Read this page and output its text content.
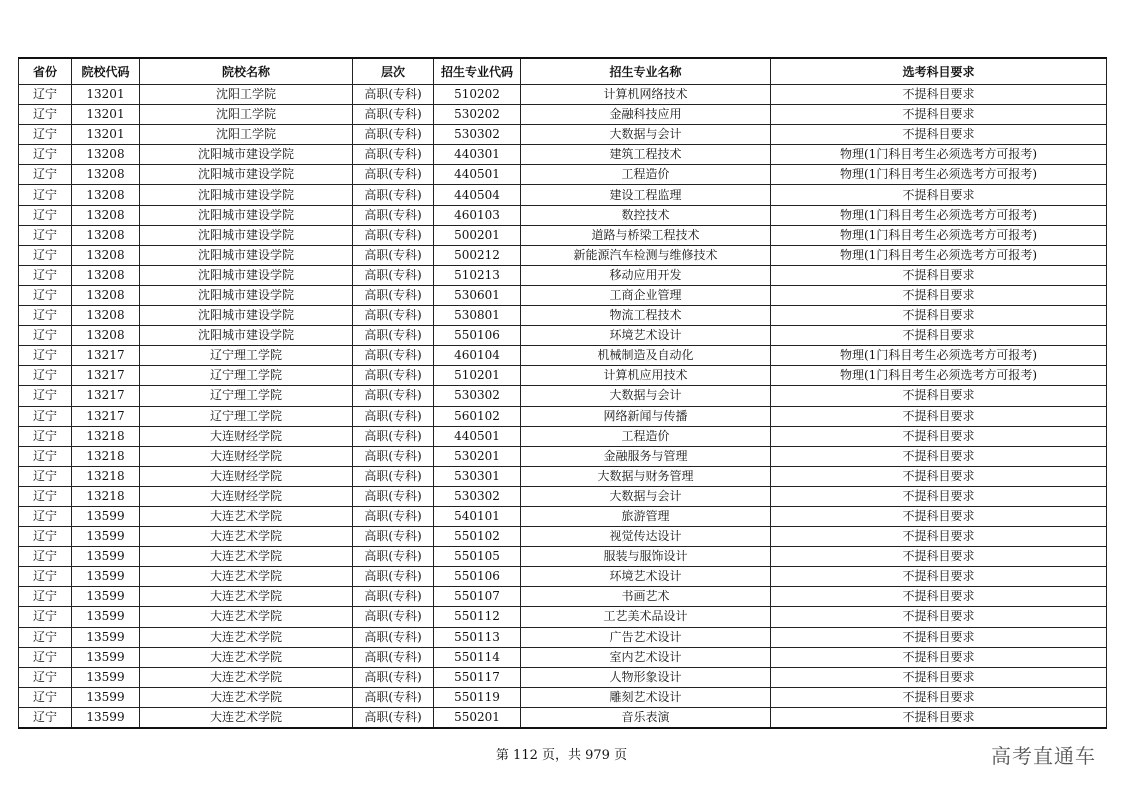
省份	院校代码	院校名称	层次	招生专业代码	招生专业名称	选考科目要求
辽宁	13201	沈阳工学院	高职(专科)	510202	计算机网络技术	不提科目要求
辽宁	13201	沈阳工学院	高职(专科)	530202	金融科技应用	不提科目要求
辽宁	13201	沈阳工学院	高职(专科)	530302	大数据与会计	不提科目要求
辽宁	13208	沈阳城市建设学院	高职(专科)	440301	建筑工程技术	物理(1门科目考生必须选考方可报考)
辽宁	13208	沈阳城市建设学院	高职(专科)	440501	工程造价	物理(1门科目考生必须选考方可报考)
辽宁	13208	沈阳城市建设学院	高职(专科)	440504	建设工程监理	不提科目要求
辽宁	13208	沈阳城市建设学院	高职(专科)	460103	数控技术	物理(1门科目考生必须选考方可报考)
辽宁	13208	沈阳城市建设学院	高职(专科)	500201	道路与桥梁工程技术	物理(1门科目考生必须选考方可报考)
辽宁	13208	沈阳城市建设学院	高职(专科)	500212	新能源汽车检测与维修技术	物理(1门科目考生必须选考方可报考)
辽宁	13208	沈阳城市建设学院	高职(专科)	510213	移动应用开发	不提科目要求
辽宁	13208	沈阳城市建设学院	高职(专科)	530601	工商企业管理	不提科目要求
辽宁	13208	沈阳城市建设学院	高职(专科)	530801	物流工程技术	不提科目要求
辽宁	13208	沈阳城市建设学院	高职(专科)	550106	环境艺术设计	不提科目要求
辽宁	13217	辽宁理工学院	高职(专科)	460104	机械制造及自动化	物理(1门科目考生必须选考方可报考)
辽宁	13217	辽宁理工学院	高职(专科)	510201	计算机应用技术	物理(1门科目考生必须选考方可报考)
辽宁	13217	辽宁理工学院	高职(专科)	530302	大数据与会计	不提科目要求
辽宁	13217	辽宁理工学院	高职(专科)	560102	网络新闻与传播	不提科目要求
辽宁	13218	大连财经学院	高职(专科)	440501	工程造价	不提科目要求
辽宁	13218	大连财经学院	高职(专科)	530201	金融服务与管理	不提科目要求
辽宁	13218	大连财经学院	高职(专科)	530301	大数据与财务管理	不提科目要求
辽宁	13218	大连财经学院	高职(专科)	530302	大数据与会计	不提科目要求
辽宁	13599	大连艺术学院	高职(专科)	540101	旅游管理	不提科目要求
辽宁	13599	大连艺术学院	高职(专科)	550102	视觉传达设计	不提科目要求
辽宁	13599	大连艺术学院	高职(专科)	550105	服装与服饰设计	不提科目要求
辽宁	13599	大连艺术学院	高职(专科)	550106	环境艺术设计	不提科目要求
辽宁	13599	大连艺术学院	高职(专科)	550107	书画艺术	不提科目要求
辽宁	13599	大连艺术学院	高职(专科)	550112	工艺美术品设计	不提科目要求
辽宁	13599	大连艺术学院	高职(专科)	550113	广告艺术设计	不提科目要求
辽宁	13599	大连艺术学院	高职(专科)	550114	室内艺术设计	不提科目要求
辽宁	13599	大连艺术学院	高职(专科)	550117	人物形象设计	不提科目要求
辽宁	13599	大连艺术学院	高职(专科)	550119	雕刻艺术设计	不提科目要求
辽宁	13599	大连艺术学院	高职(专科)	550201	音乐表演	不提科目要求
第 112 页，共 979 页	高考直通车
